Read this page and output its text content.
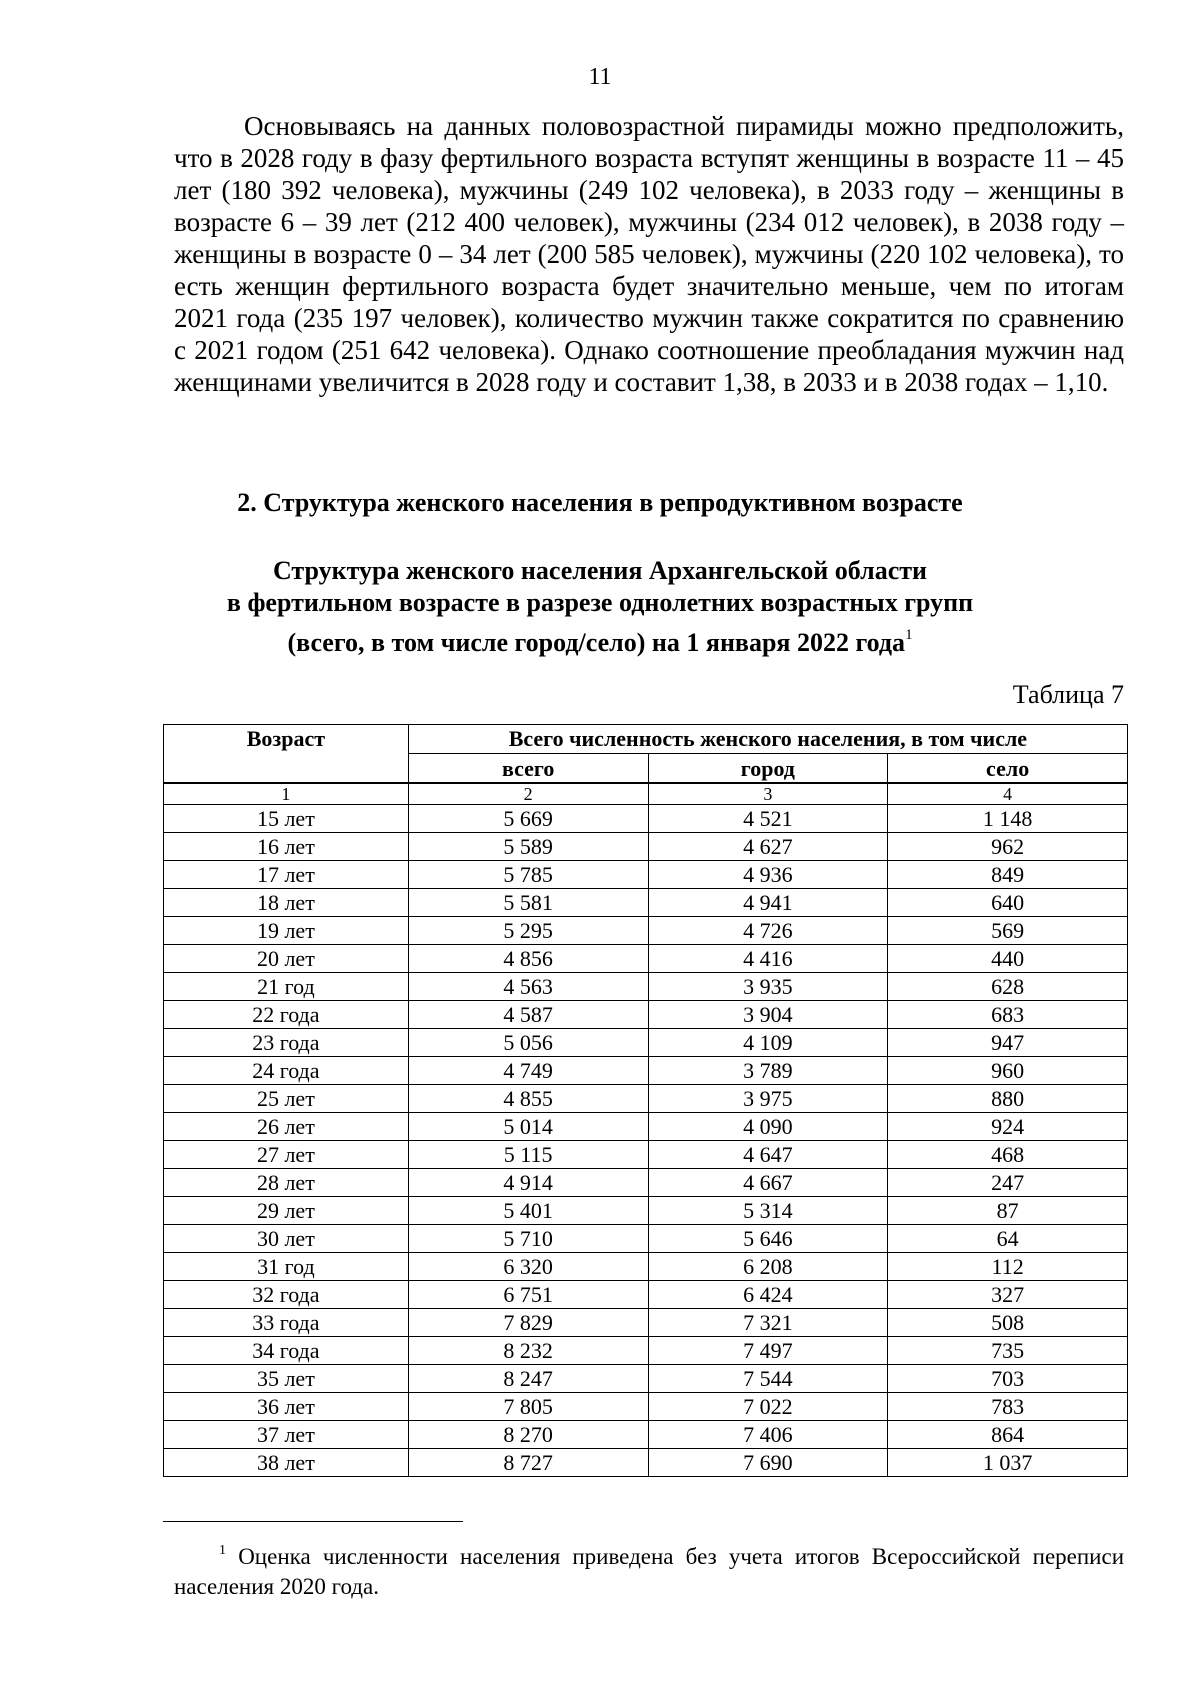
11

Основываясь на данных половозрастной пирамиды можно предположить, что в 2028 году в фазу фертильного возраста вступят женщины в возрасте 11 – 45 лет (180 392 человека), мужчины (249 102 человека), в 2033 году – женщины в возрасте 6 – 39 лет (212 400 человек), мужчины (234 012 человек), в 2038 году – женщины в возрасте 0 – 34 лет (200 585 человек), мужчины (220 102 человека), то есть женщин фертильного возраста будет значительно меньше, чем по итогам 2021 года (235 197 человек), количество мужчин также сократится по сравнению с 2021 годом (251 642 человека). Однако соотношение преобладания мужчин над женщинами увеличится в 2028 году и составит 1,38, в 2033 и в 2038 годах – 1,10.

2. Структура женского населения в репродуктивном возрасте
Структура женского населения Архангельской области
в фертильном возрасте в разрезе однолетних возрастных групп
(всего, в том числе город/село) на 1 января 2022 года$^1$
Таблица 7
Возраст	Всего численность женского населения, в том числе		
	всего	город	село
1	2	3	4
15 лет	5 669	4 521	1 148
16 лет	5 589	4 627	962
17 лет	5 785	4 936	849
18 лет	5 581	4 941	640
19 лет	5 295	4 726	569
20 лет	4 856	4 416	440
21 год	4 563	3 935	628
22 года	4 587	3 904	683
23 года	5 056	4 109	947
24 года	4 749	3 789	960
25 лет	4 855	3 975	880
26 лет	5 014	4 090	924
27 лет	5 115	4 647	468
28 лет	4 914	4 667	247
29 лет	5 401	5 314	87
30 лет	5 710	5 646	64
31 год	6 320	6 208	112
32 года	6 751	6 424	327
33 года	7 829	7 321	508
34 года	8 232	7 497	735
35 лет	8 247	7 544	703
36 лет	7 805	7 022	783
37 лет	8 270	7 406	864
38 лет	8 727	7 690	1 037

$^1$ Оценка численности населения приведена без учета итогов Всероссийской переписи населения 2020 года.
